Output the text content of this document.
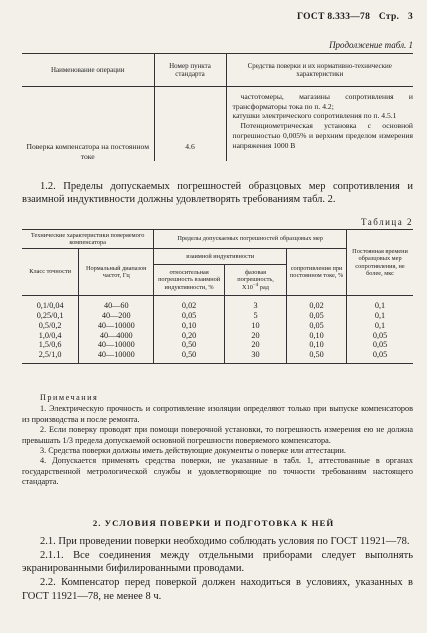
ГОСТ 8.333—78 Стр. 3
Продолжение табл. 1
Наименование операции	Номер пункта стандарта	Средства поверки и их нормативно-технические характеристики
Поверка компенсатора на постоянном токе	4.6	частотомеры, магазины сопротивления и трансформаторы тока по п. 4.2;
катушки электрического сопротивления по п. 4.5.1
Потенциометрическая установка с основной погрешностью 0,005% и верхним пределом измерения напряжения 1000 В
1.2. Пределы допускаемых погрешностей образцовых мер сопротивления и взаимной индуктивности должны удовлетворять требованиям табл. 2.
Таблица 2
Технические характеристики поверяемого компенсатора		Пределы допускаемых погрешностей образцовых мер			Постоянная времени образцовых мер сопротивления, не более, мкс
Класс точности	Нормальный диапазон частот, Гц	взаимной индуктивности		сопротивления при постоянном токе, %	
		относительная погрешность взаимной индуктивности, %	фазовая погрешность,
$X10^{-4}$ рад		

0,1/0,04	40—60	0,02	3	0,02	0,1
0,25/0,1	40—200	0,05	5	0,05	0,1
0,5/0,2	40—10000	0,10	10	0,05	0,1
1,0/0,4	40—4000	0,20	20	0,10	0,05
1,5/0,6	40—10000	0,50	20	0,10	0,05
2,5/1,0	40—10000	0,50	30	0,50	0,05
Примечания
1. Электрическую прочность и сопротивление изоляции определяют только при выпуске компенсаторов из производства и после ремонта.
2. Если поверку проводят при помощи поверочной установки, то погрешность измерения ею не должна превышать 1/3 предела допускаемой основной погрешности поверяемого компенсатора.
3. Средства поверки должны иметь действующие документы о поверке или аттестации.
4. Допускается применять средства поверки, не указанные в табл. 1, аттестованные в органах государственной метрологической службы и удовлетворяющие по точности требованиям настоящего стандарта.
2. УСЛОВИЯ ПОВЕРКИ И ПОДГОТОВКА К НЕЙ

2.1. При проведении поверки необходимо соблюдать условия по ГОСТ 11921—78.

2.1.1. Все соединения между отдельными приборами следует выполнять экранированными бифилированными проводами.

2.2. Компенсатор перед поверкой должен находиться в условиях, указанных в ГОСТ 11921—78, не менее 8 ч.
